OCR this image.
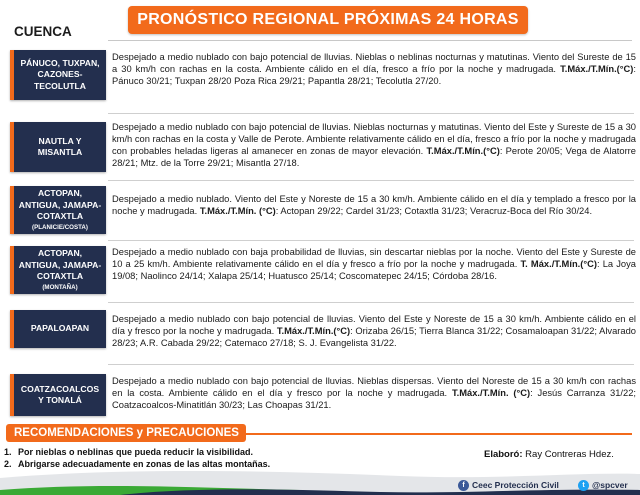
PRONÓSTICO REGIONAL PRÓXIMAS 24 HORAS
CUENCA
PÁNUCO, TUXPAN,
CAZONES-
TECOLUTLA
Despejado a medio nublado con bajo potencial de lluvias. Nieblas o neblinas nocturnas y matutinas. Viento del Sureste de 15 a 30 km/h con rachas en la costa. Ambiente cálido en el día, fresco a frío por la noche y madrugada. T.Máx./T.Mín.(°C): Pánuco 30/21; Tuxpan 28/20 Poza Rica 29/21; Papantla 28/21; Tecolutla 27/20.
NAUTLA Y
MISANTLA
Despejado a medio nublado con bajo potencial de lluvias. Nieblas nocturnas y matutinas. Viento del Este y Sureste de 15 a 30 km/h con rachas en la costa y Valle de Perote. Ambiente relativamente cálido en el día, fresco a frío por la noche y madrugada con probables heladas ligeras al amanecer en zonas de mayor elevación. T.Máx./T.Mín.(°C): Perote 20/05; Vega de Alatorre 28/21; Mtz. de la Torre 29/21; Misantla 27/18.
ACTOPAN,
ANTIGUA, JAMAPA-
COTAXTLA
(PLANICIE/COSTA)
Despejado a medio nublado. Viento del Este y Noreste de 15 a 30 km/h. Ambiente cálido en el día y templado a fresco por la noche y madrugada. T.Máx./T.Mín. (°C): Actopan 29/22; Cardel 31/23; Cotaxtla 31/23; Veracruz-Boca del Río 30/24.
ACTOPAN,
ANTIGUA, JAMAPA-
COTAXTLA
(MONTAÑA)
Despejado a medio nublado con baja probabilidad de lluvias, sin descartar nieblas por la noche. Viento del Este y Sureste de 10 a 25 km/h. Ambiente relativamente cálido en el día y fresco a frío por la noche y madrugada. T. Máx./T.Mín.(°C): La Joya 19/08; Naolinco 24/14; Xalapa 25/14; Huatusco 25/14; Coscomatepec 24/15; Córdoba 28/16.
PAPALOAPAN
Despejado a medio nublado con bajo potencial de lluvias. Viento del Este y Noreste de 15 a 30 km/h. Ambiente cálido en el día y fresco por la noche y madrugada. T.Máx./T.Mín.(°C): Orizaba 26/15; Tierra Blanca 31/22; Cosamaloapan 31/22; Alvarado 28/23; A.R. Cabada 29/22; Catemaco 27/18; S. J. Evangelista 31/22.
COATZACOALCOS
Y TONALÁ
Despejado a medio nublado con bajo potencial de lluvias. Nieblas dispersas. Viento del Noreste de 15 a 30 km/h con rachas en la costa. Ambiente cálido en el día y fresco por la noche y madrugada. T.Máx./T.Mín. (°C): Jesús Carranza 31/22; Coatzacoalcos-Minatitlán 30/23; Las Choapas 31/21.
RECOMENDACIONES y PRECAUCIONES
1. Por nieblas o neblinas que pueda reducir la visibilidad.
2. Abrigarse adecuadamente en zonas de las altas montañas.
Elaboró: Ray Contreras Hdez.
f Ceec Protección Civil	t @spcver
